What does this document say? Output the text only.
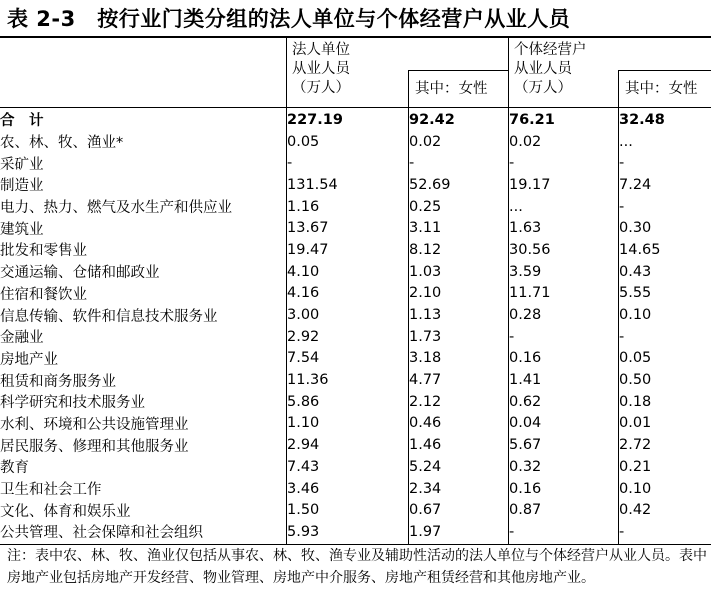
表 2-3　按行业门类分组的法人单位与个体经营户从业人员
法人单位
从业人员
（万人）	其中：女性
个体经营户
从业人员
（万人）	其中：女性
合　计	227.19	92.42	76.21	32.48
农、林、牧、渔业*	0.05	0.02	0.02	...
采矿业	-	-	-	-
制造业	131.54	52.69	19.17	7.24
电力、热力、燃气及水生产和供应业	1.16	0.25	...	-
建筑业	13.67	3.11	1.63	0.30
批发和零售业	19.47	8.12	30.56	14.65
交通运输、仓储和邮政业	4.10	1.03	3.59	0.43
住宿和餐饮业	4.16	2.10	11.71	5.55
信息传输、软件和信息技术服务业	3.00	1.13	0.28	0.10
金融业	2.92	1.73	-	-
房地产业	7.54	3.18	0.16	0.05
租赁和商务服务业	11.36	4.77	1.41	0.50
科学研究和技术服务业	5.86	2.12	0.62	0.18
水利、环境和公共设施管理业	1.10	0.46	0.04	0.01
居民服务、修理和其他服务业	2.94	1.46	5.67	2.72
教育	7.43	5.24	0.32	0.21
卫生和社会工作	3.46	2.34	0.16	0.10
文化、体育和娱乐业	1.50	0.67	0.87	0.42
公共管理、社会保障和社会组织	5.93	1.97	-	-
注：表中农、林、牧、渔业仅包括从事农、林、牧、渔专业及辅助性活动的法人单位与个体经营户从业人员。表中房地产业包括房地产开发经营、物业管理、房地产中介服务、房地产租赁经营和其他房地产业。
